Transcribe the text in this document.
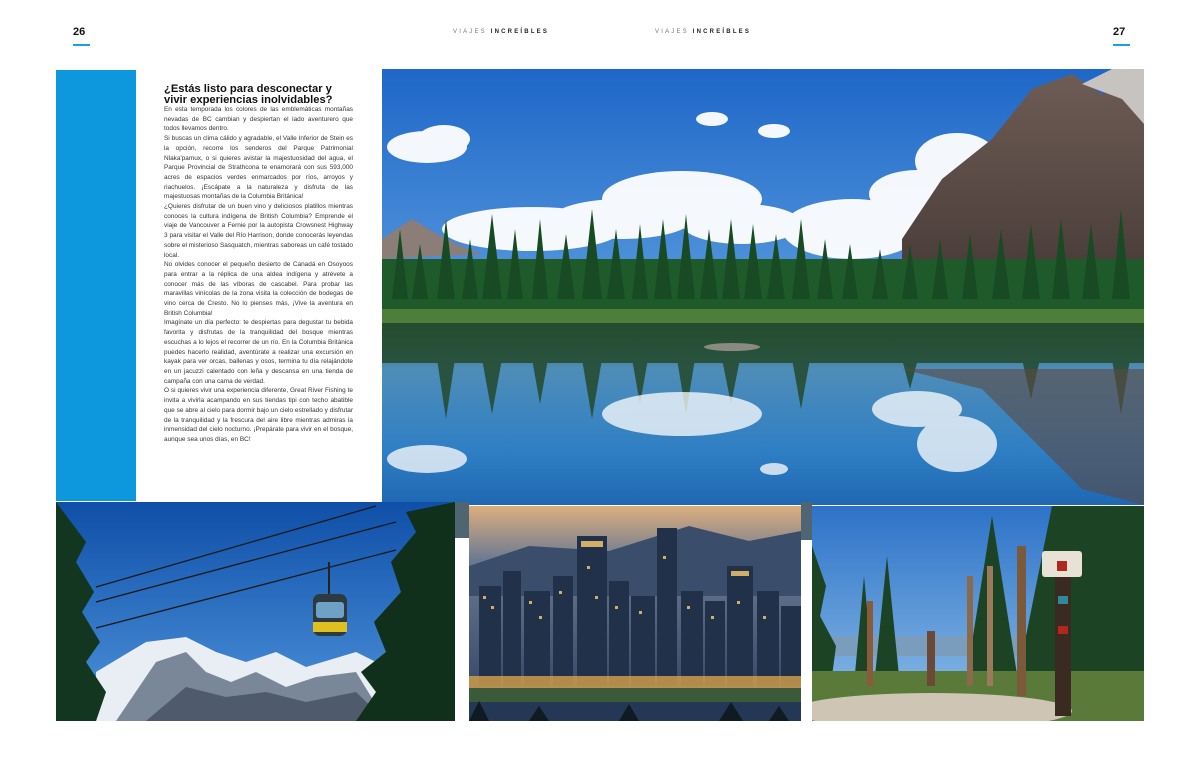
26	27
VIAJES INCREÍBLES	VIAJES INCREÍBLES
¿Estás listo para desconectar y vivir experiencias inolvidables?

En esta temporada los colores de las emblemáticas montañas nevadas de BC cambian y despiertan el lado aventurero que todos llevamos dentro.

Si buscas un clima cálido y agradable, el Valle Inferior de Stein es la opción, recorre los senderos del Parque Patrimonial Nlaka'pamux, o si quieres avistar la majestuosidad del agua, el Parque Provincial de Strathcona te enamorará con sus 593,000 acres de espacios verdes enmarcados por ríos, arroyos y riachuelos. ¡Escápate a la naturaleza y disfruta de las majestuosas montañas de la Columbia Británica!

¿Quieres disfrutar de un buen vino y deliciosos platillos mientras conoces la cultura indígena de British Columbia? Emprende el viaje de Vancouver a Fernie por la autopista Crowsnest Highway 3 para visitar el Valle del Río Harrison, donde conocerás leyendas sobre el misterioso Sasquatch, mientras saboreas un café tostado local.

No olvides conocer el pequeño desierto de Canadá en Osoyoos para entrar a la réplica de una aldea indígena y atrévete a conocer más de las víboras de cascabel. Para probar las maravillas vinícolas de la zona visita la colección de bodegas de vino cerca de Cresto. No lo pienses más, ¡Vive la aventura en British Columbia!

Imagínate un día perfecto: te despiertas para degustar tu bebida favorita y disfrutas de la tranquilidad del bosque mientras escuchas a lo lejos el recorrer de un río. En la Columbia Británica puedes hacerlo realidad, aventúrate a realizar una excursión en kayak para ver orcas, ballenas y osos, termina tu día relajándote en un jacuzzi calentado con leña y descansa en una tienda de campaña con una cama de verdad.

O si quieres vivir una experiencia diferente, Great River Fishing te invita a vivirla acampando en sus tiendas tipi con techo abatible que se abre al cielo para dormir bajo un cielo estrellado y disfrutar de la tranquilidad y la frescura del aire libre mientras admiras la inmensidad del cielo nocturno. ¡Prepárate para vivir en el bosque, aunque sea unos días, en BC!
